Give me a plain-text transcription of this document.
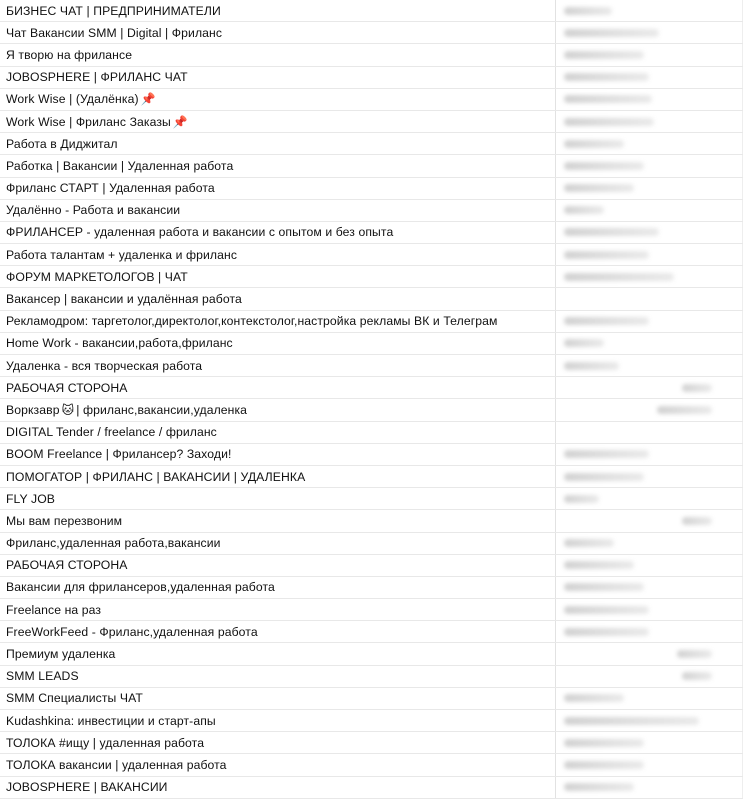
БИЗНЕС ЧАТ | ПРЕДПРИНИМАТЕЛИ
Чат Вакансии SMM | Digital | Фриланс
Я творю на фрилансе
JOBOSPHERE | ФРИЛАНС ЧАТ
Work Wise | (Удалёнка) 📌
Work Wise | Фриланс Заказы 📌
Работа в Диджитал
Работка | Вакансии | Удаленная работа
Фриланс СТАРТ | Удаленная работа
Удалённо - Работа и вакансии
ФРИЛАНСЕР - удаленная работа и вакансии с опытом и без опыта
Работа талантам + удаленка и фриланс
ФОРУМ МАРКЕТОЛОГОВ | ЧАТ
Вакансер | вакансии и удалённая работа
Рекламодром: таргетолог,директолог,контекстолог,настройка рекламы ВК и Телеграм
Home Work - вакансии,работа,фриланс
Удаленка - вся творческая работа
РАБОЧАЯ СТОРОНА
Воркзавр 🐱 | фриланс,вакансии,удаленка
DIGITAL Tender / freelance / фриланс
BOOM Freelance | Фрилансер? Заходи!
ПОМОГАТОР | ФРИЛАНС | ВАКАНСИИ | УДАЛЕНКА
FLY JOB
Мы вам перезвоним
Фриланс,удаленная работа,вакансии
РАБОЧАЯ СТОРОНА
Вакансии для фрилансеров,удаленная работа
Freelance на раз
FreeWorkFeed - Фриланс,удаленная работа
Премиум удаленка
SMM LEADS
SMM Специалисты ЧАТ
Kudashkina: инвестиции и старт-апы
ТОЛОКА #ищу | удаленная работа
ТОЛОКА вакансии | удаленная работа
JOBOSPHERE | ВАКАНСИИ
